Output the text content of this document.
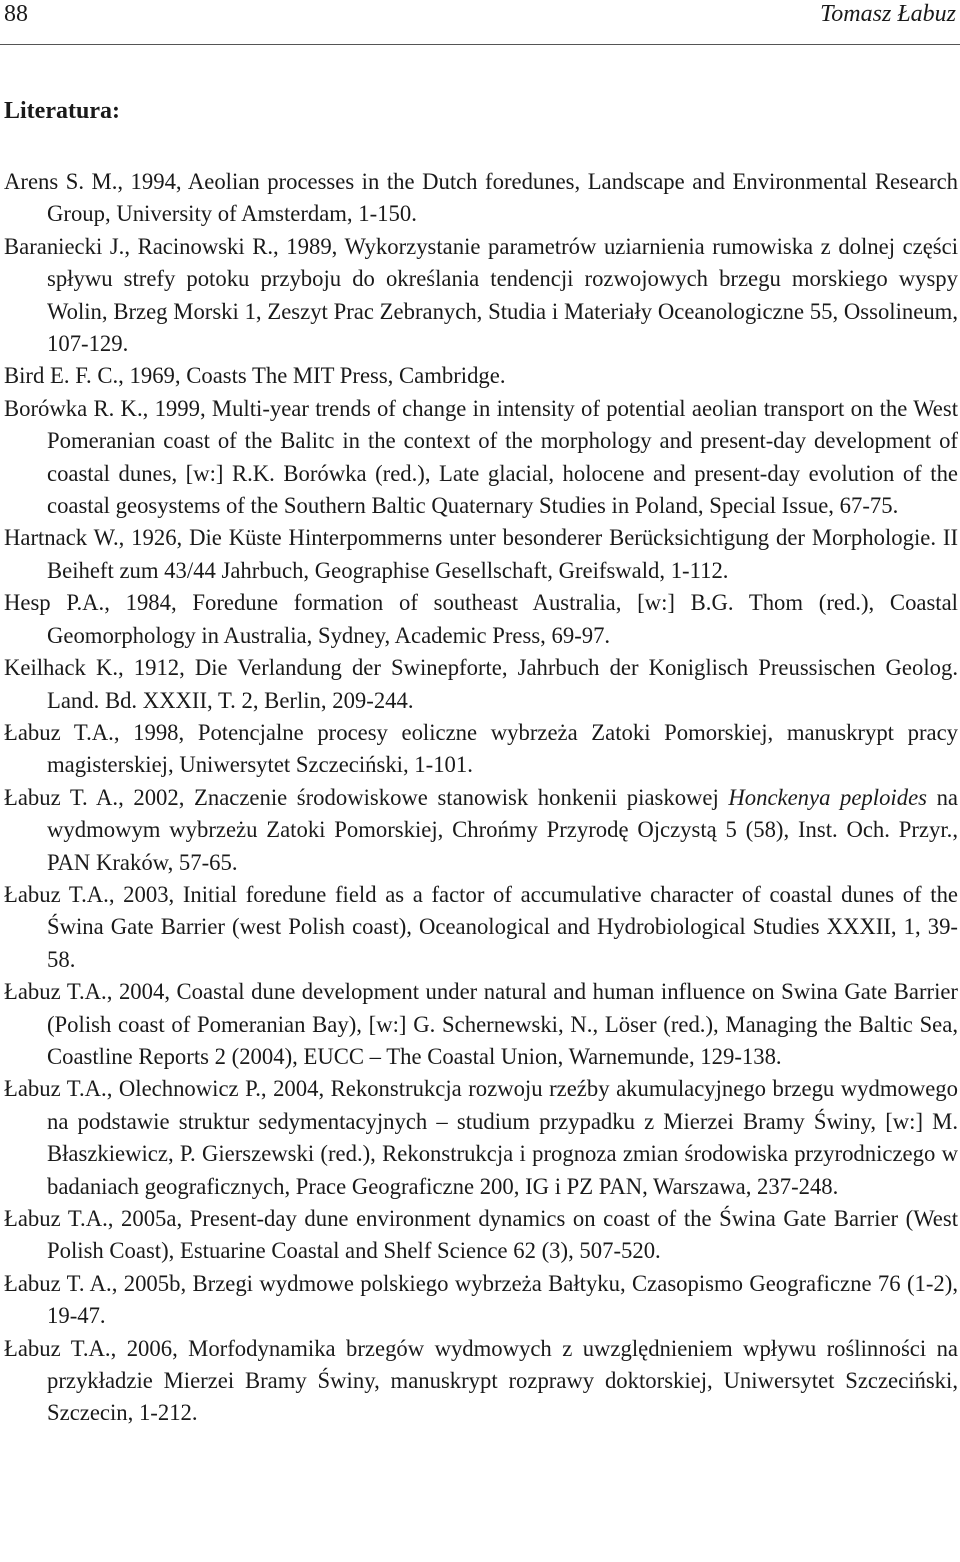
88	Tomasz Łabuz
Literatura:
Arens S. M., 1994, Aeolian processes in the Dutch foredunes, Landscape and Environmental Research Group, University of Amsterdam, 1-150.
Baraniecki J., Racinowski R., 1989, Wykorzystanie parametrów uziarnienia rumowiska z dolnej części spływu strefy potoku przyboju do określania tendencji rozwojowych brzegu morskiego wyspy Wolin, Brzeg Morski 1, Zeszyt Prac Zebranych, Studia i Materiały Oceanologiczne 55, Ossolineum, 107-129.
Bird E. F. C., 1969, Coasts The MIT Press, Cambridge.
Borówka R. K., 1999, Multi-year trends of change in intensity of potential aeolian transport on the West Pomeranian coast of the Balitc in the context of the morphology and present-day development of coastal dunes, [w:] R.K. Borówka (red.), Late glacial, holocene and present-day evolution of the coastal geosystems of the Southern Baltic Quaternary Studies in Poland, Special Issue, 67-75.
Hartnack W., 1926, Die Küste Hinterpommerns unter besonderer Berücksichtigung der Morphologie. II Beiheft zum 43/44 Jahrbuch, Geographise Gesellschaft, Greifswald, 1-112.
Hesp P.A., 1984, Foredune formation of southeast Australia, [w:] B.G. Thom (red.), Coastal Geomorphology in Australia, Sydney, Academic Press, 69-97.
Keilhack K., 1912, Die Verlandung der Swinepforte, Jahrbuch der Koniglisch Preussischen Geolog. Land. Bd. XXXII, T. 2, Berlin, 209-244.
Łabuz T.A., 1998, Potencjalne procesy eoliczne wybrzeża Zatoki Pomorskiej, manuskrypt pracy magisterskiej, Uniwersytet Szczeciński, 1-101.
Łabuz T. A., 2002, Znaczenie środowiskowe stanowisk honkenii piaskowej Honckenya peploides na wydmowym wybrzeżu Zatoki Pomorskiej, Chrońmy Przyrodę Ojczystą 5 (58), Inst. Och. Przyr., PAN Kraków, 57-65.
Łabuz T.A., 2003, Initial foredune field as a factor of accumulative character of coastal dunes of the Świna Gate Barrier (west Polish coast), Oceanological and Hydrobiological Studies XXXII, 1, 39-58.
Łabuz T.A., 2004, Coastal dune development under natural and human influence on Swina Gate Barrier (Polish coast of Pomeranian Bay), [w:] G. Schernewski, N., Löser (red.), Managing the Baltic Sea, Coastline Reports 2 (2004), EUCC – The Coastal Union, Warnemunde, 129-138.
Łabuz T.A., Olechnowicz P., 2004, Rekonstrukcja rozwoju rzeźby akumulacyjnego brzegu wydmowego na podstawie struktur sedymentacyjnych – studium przypadku z Mierzei Bramy Świny, [w:] M. Błaszkiewicz, P. Gierszewski (red.), Rekonstrukcja i prognoza zmian środowiska przyrodniczego w badaniach geograficznych, Prace Geograficzne 200, IG i PZ PAN, Warszawa, 237-248.
Łabuz T.A., 2005a, Present-day dune environment dynamics on coast of the Świna Gate Barrier (West Polish Coast), Estuarine Coastal and Shelf Science 62 (3), 507-520.
Łabuz T. A., 2005b, Brzegi wydmowe polskiego wybrzeża Bałtyku, Czasopismo Geograficzne 76 (1-2), 19-47.
Łabuz T.A., 2006, Morfodynamika brzegów wydmowych z uwzględnieniem wpływu roślinności na przykładzie Mierzei Bramy Świny, manuskrypt rozprawy doktorskiej, Uniwersytet Szczeciński, Szczecin, 1-212.
